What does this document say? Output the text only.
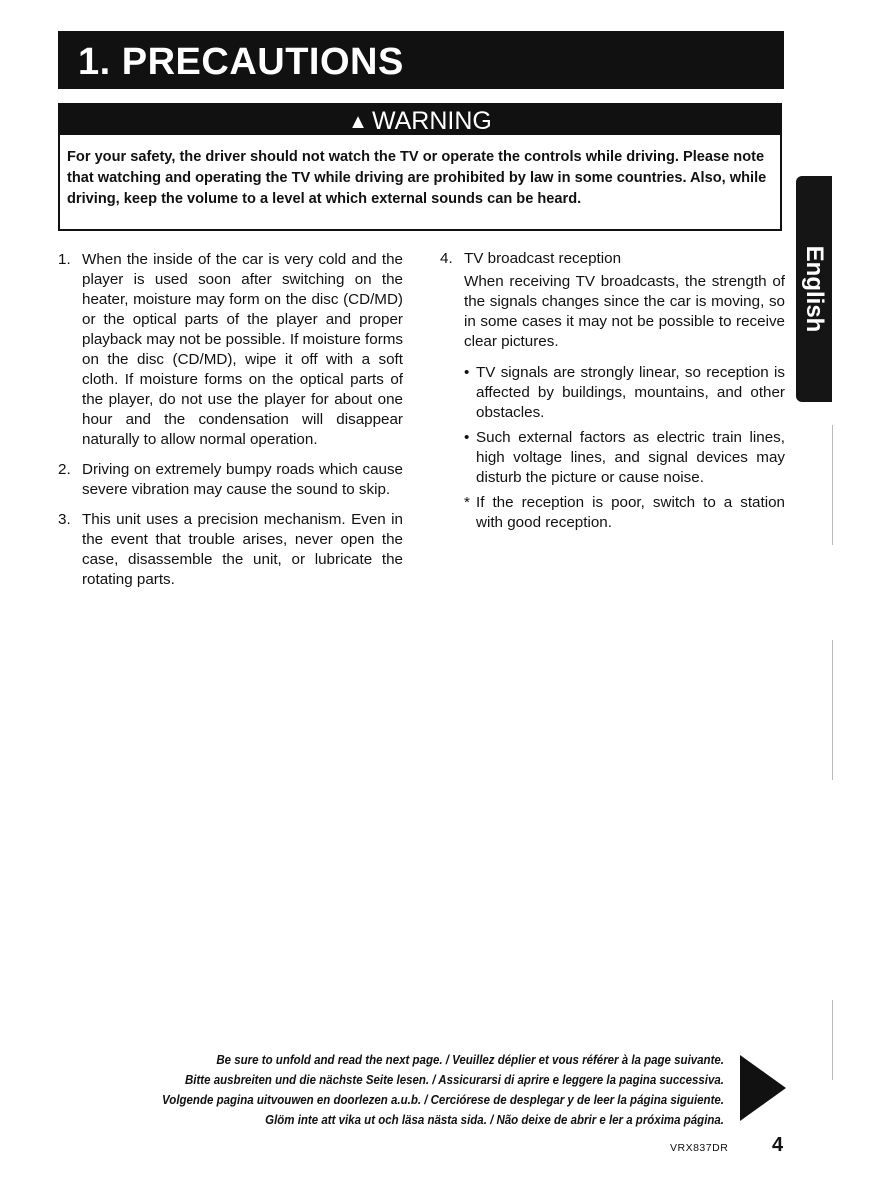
1. PRECAUTIONS
▲ WARNING
For your safety, the driver should not watch the TV or operate the controls while driving. Please note that watching and operating the TV while driving are prohibited by law in some countries. Also, while driving, keep the volume to a level at which external sounds can be heard.
English
1. When the inside of the car is very cold and the player is used soon after switching on the heater, moisture may form on the disc (CD/MD) or the optical parts of the player and proper playback may not be possible. If moisture forms on the disc (CD/MD), wipe it off with a soft cloth. If moisture forms on the optical parts of the player, do not use the player for about one hour and the condensation will disappear naturally to allow normal operation.
2. Driving on extremely bumpy roads which cause severe vibration may cause the sound to skip.
3. This unit uses a precision mechanism. Even in the event that trouble arises, never open the case, disassemble the unit, or lubricate the rotating parts.
4. TV broadcast reception
When receiving TV broadcasts, the strength of the signals changes since the car is moving, so in some cases it may not be possible to receive clear pictures.
• TV signals are strongly linear, so reception is affected by buildings, mountains, and other obstacles.
• Such external factors as electric train lines, high voltage lines, and signal devices may disturb the picture or cause noise.
* If the reception is poor, switch to a station with good reception.
Be sure to unfold and read the next page. / Veuillez déplier et vous référer à la page suivante.
Bitte ausbreiten und die nächste Seite lesen. / Assicurarsi di aprire e leggere la pagina successiva.
Volgende pagina uitvouwen en doorlezen a.u.b. / Cerciórese de desplegar y de leer la página siguiente.
Glöm inte att vika ut och läsa nästa sida. / Não deixe de abrir e ler a próxima página.
VRX837DR 4
